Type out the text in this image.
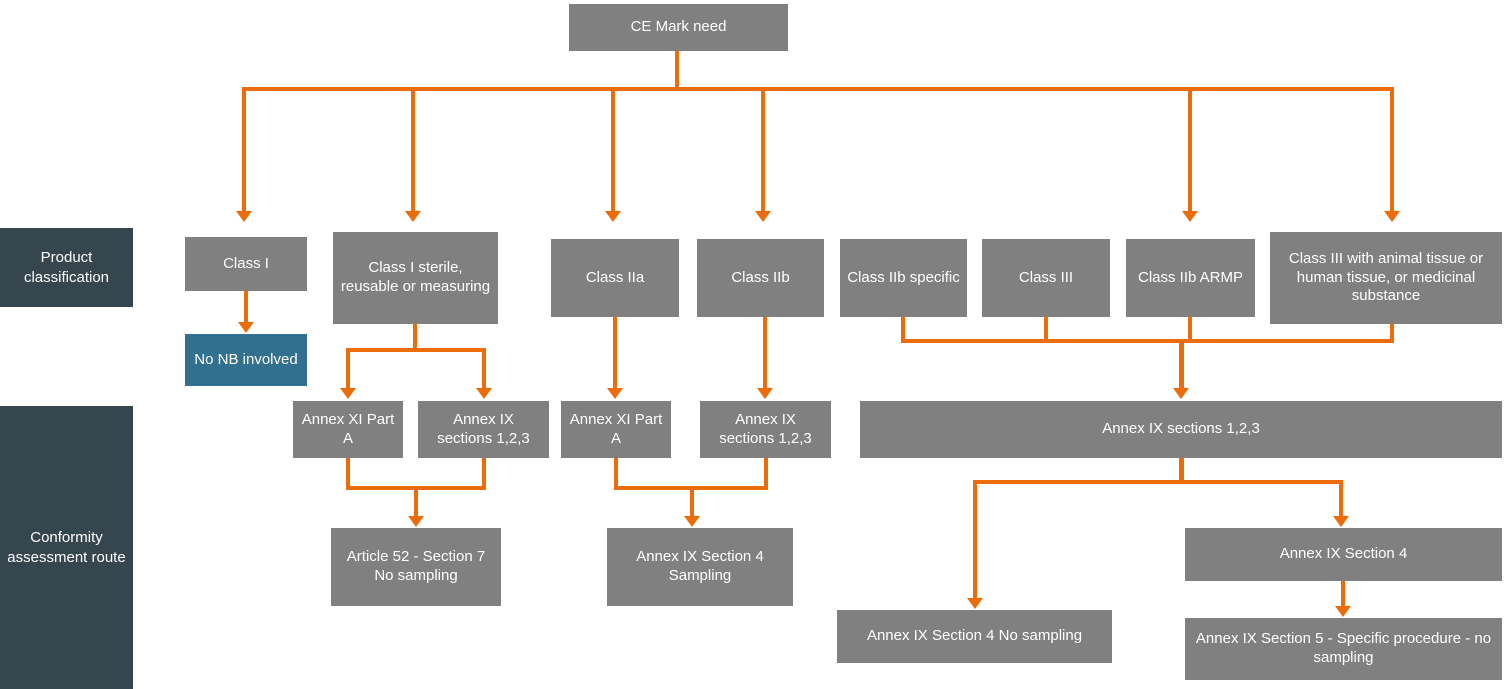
Product classification
Conformity assessment route
Class I	Class I sterile, reusable or measuring
Class IIa	Class IIb	Class IIb specific	Class III	Class IIb ARMP
Class III with animal tissue or human tissue, or medicinal substance
CE Mark need
No NB involved
Annex XI Part A
Annex IX sections 1,2,3
Article 52 - Section 7 No sampling
Annex XI Part A
Annex IX sections 1,2,3
Annex IX Section 4 Sampling
Annex IX sections 1,2,3
Annex IX Section 4 No sampling
Annex IX Section 4
Annex IX Section 5 - Specific procedure - no sampling
